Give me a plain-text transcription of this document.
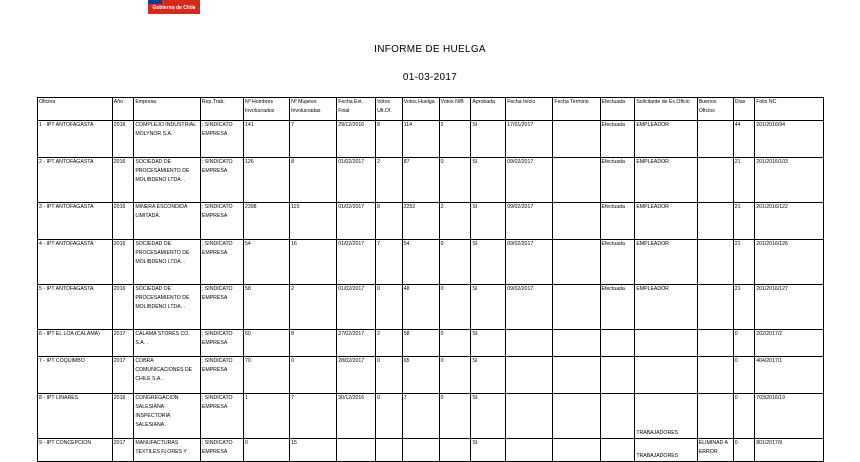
Gobierno de Chile
INFORME DE HUELGA
01-03-2017
Oficina	Año	Empresa	Rep.Trab.	Nº Hombres Involucrados	Nº Mujeres Involucradas	Fecha Ext. Final	Votos Ult.Of.	Votos Huelga	Votos N/B	Aprobada	Fecha Inicio	Fecha Termino	Efectuada	Solicitante de Ex.Oficio	Buenos Oficios	Días	Folio NC
1 - IPT ANTOFAGASTA	2016	COMPLEJO INDUSTRIAL MOLYNOR S.A.	; SINDICATO EMPRESA	141	7	29/12/2016	8	114	2	SI	17/01/2017		Efectuada	EMPLEADOR		44	201/2016/94
2 - IPT ANTOFAGASTA	2016	SOCIEDAD DE PROCESAMIENTO DE MOLIBDENO LTDA. .	; SINDICATO EMPRESA	126	8	01/02/2017	2	87	0	SI	09/02/2017		Efectuada	EMPLEADOR		21	201/2016/103
3 - IPT ANTOFAGASTA	2016	MINERA ESCONDIDA LIMITADA.	; SINDICATO EMPRESA	2398	115	01/02/2017	8	2252	2	SI	09/02/2017		Efectuada	EMPLEADOR		21	201/2016/122
4 - IPT ANTOFAGASTA	2016	SOCIEDAD DE PROCESAMIENTO DE MOLIBDENO LTDA. .	; SINDICATO EMPRESA	54	16	01/02/2017	7	54	0	SI	09/02/2017		Efectuada	EMPLEADOR		21	201/2016/126
5 - IPT ANTOFAGASTA	2016	SOCIEDAD DE PROCESAMIENTO DE MOLIBDENO LTDA. .	; SINDICATO EMPRESA	58	2	01/02/2017	0	48	0	SI	09/02/2017		Efectuada	EMPLEADOR		21	201/2016/127
6 - IPT EL LOA (CALAMA)	2017	CALAMA STORES CO. S.A. .	; SINDICATO EMPRESA	60	8	27/02/2017	2	58	0	SI						0	202/2017/2
7 - IPT COQUIMBO	2017	COBRA COMUNICACIONES DE CHILE S.A. .	; SINDICATO EMPRESA	70	0	28/02/2017	0	65	0	SI						0	404/2017/1
8 - IPT LINARES	2016	CONGREGACION SALESIANA INSPECTORIA SALESIANA .	; SINDICATO EMPRESA	1	7	30/12/2016	0	7	0	SI				TRABAJADORES		0	703/2016/19
9 - IPT CONCEPCION	2017	MANUFACTURAS TEXTILES FLORES Y	; SINDICATO EMPRESA	0	15					SI				TRABAJADORES	ELIMINAD A ERROR	0	801/2017/9
